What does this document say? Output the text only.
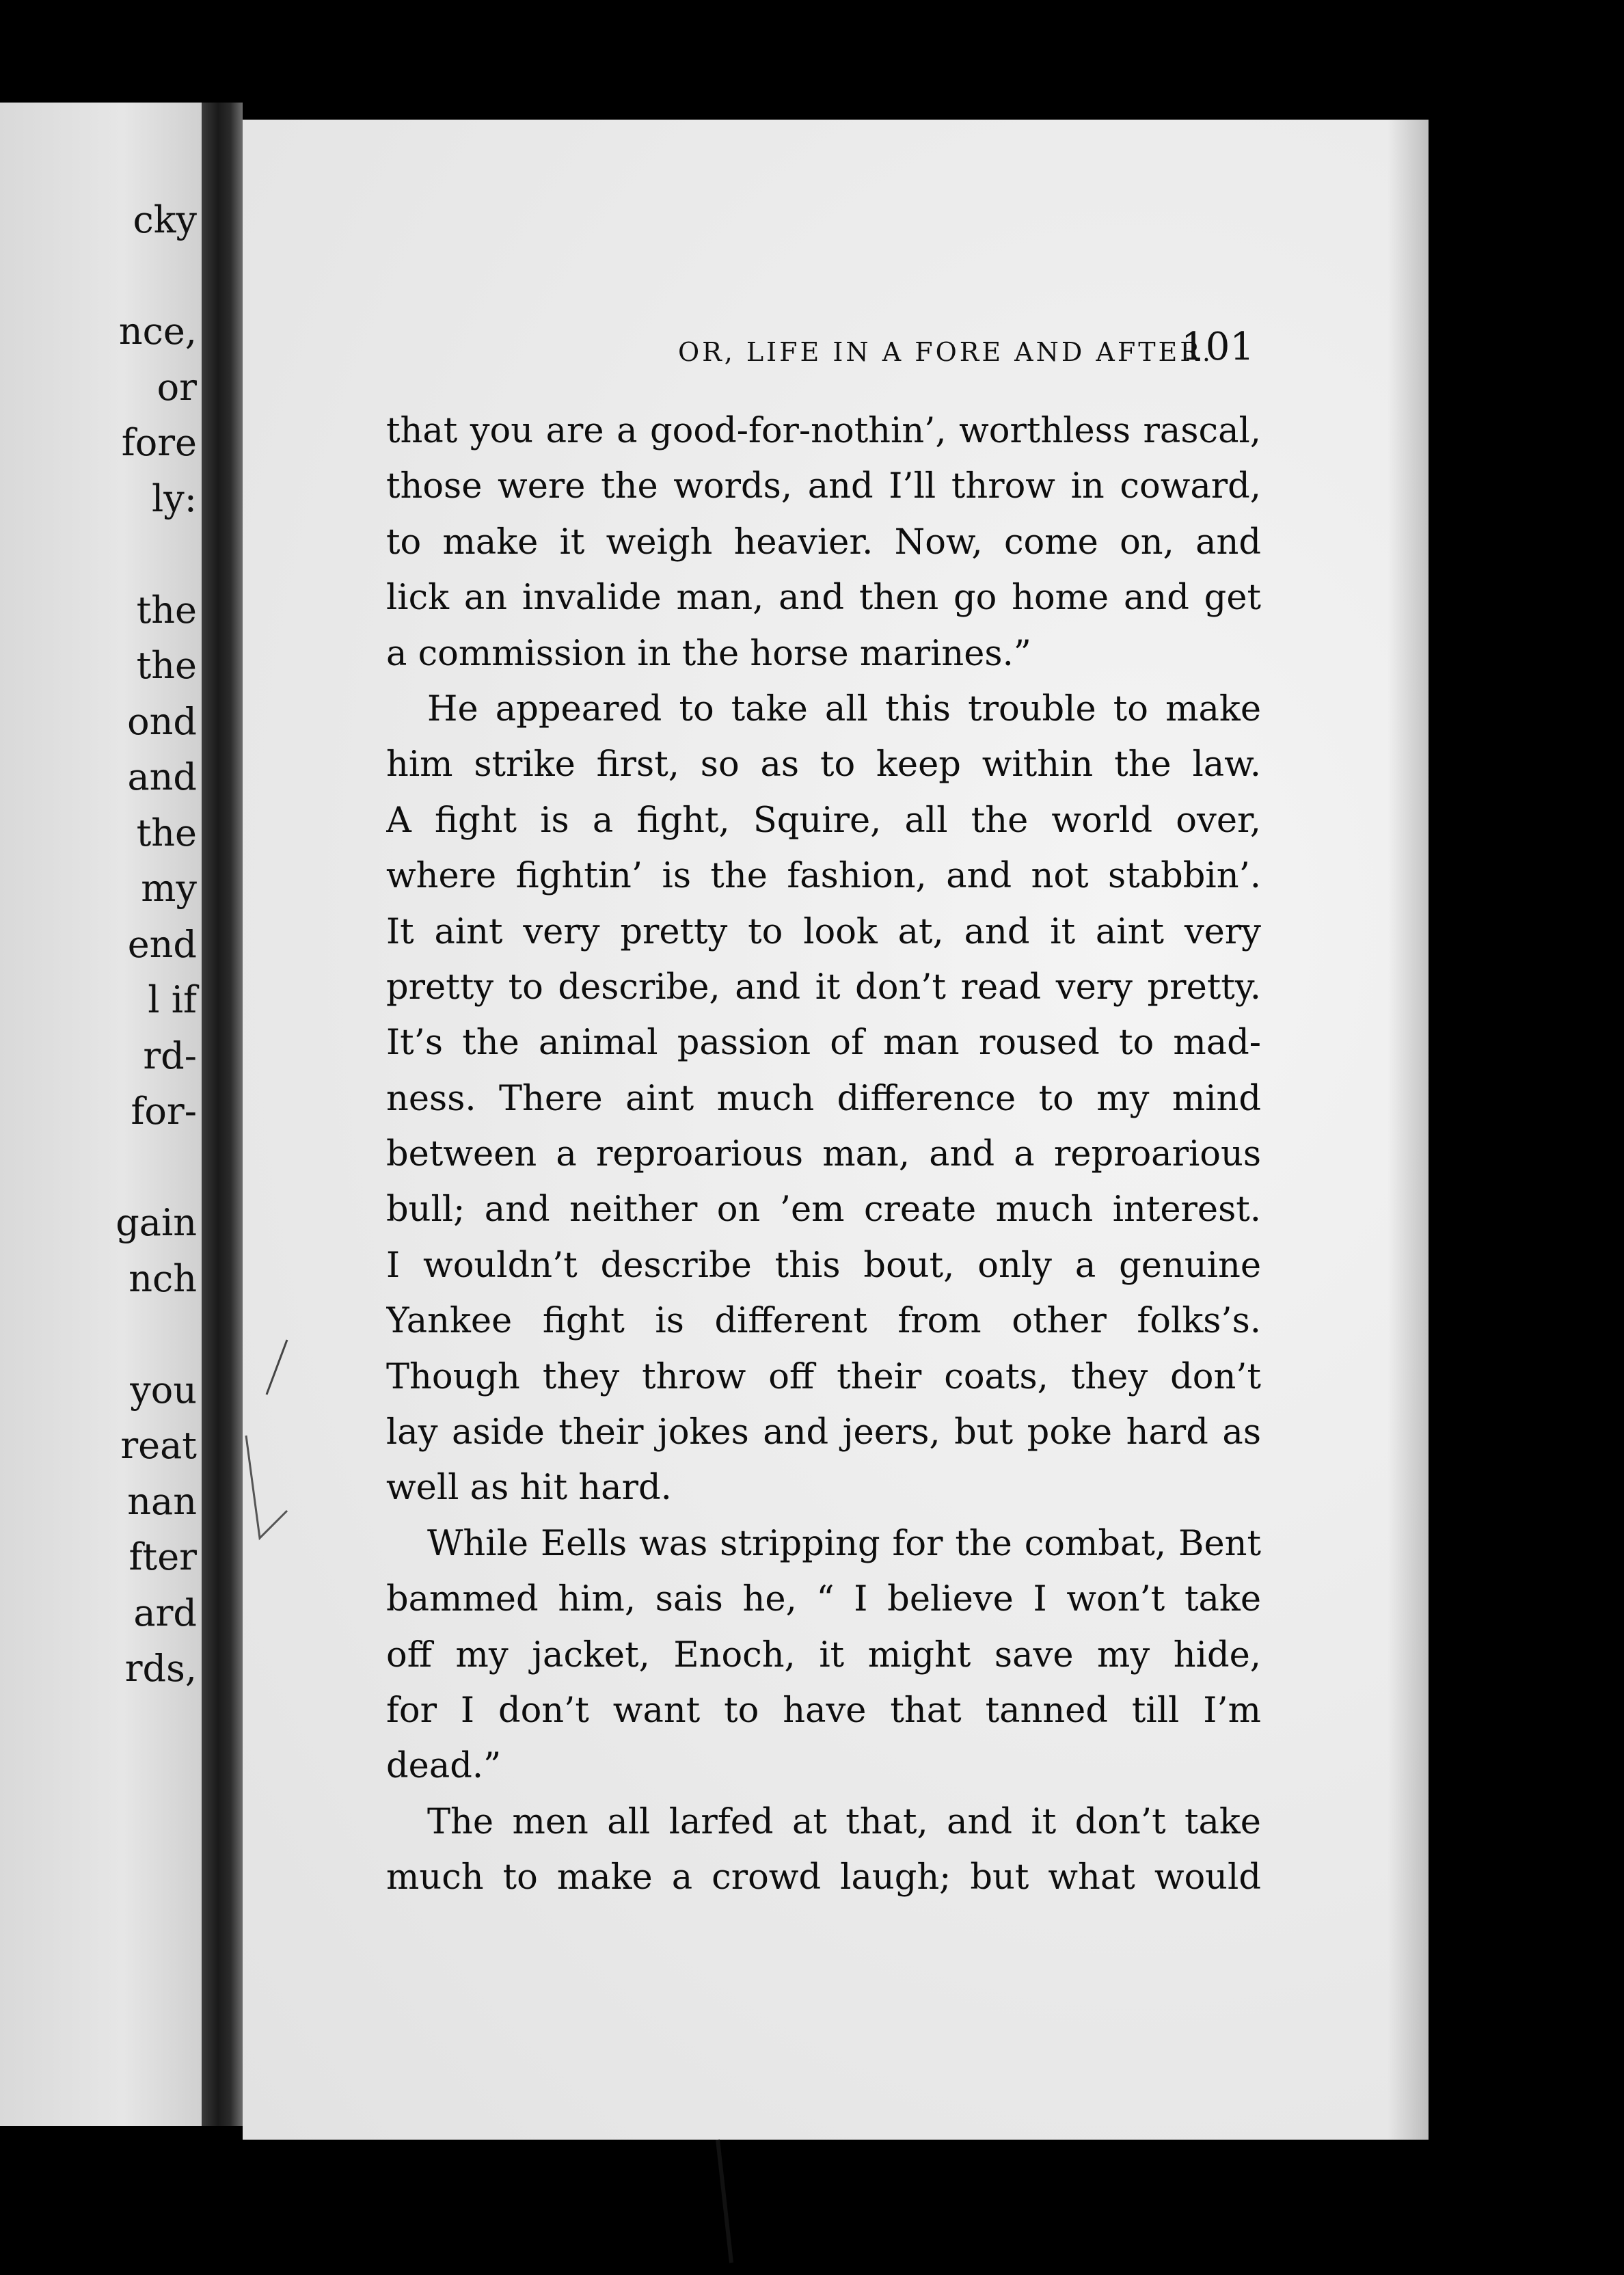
cky
nce,
or
fore
ly:
the
the
ond
and
the
my
end
l if
rd-
for-
gain
nch
you
reat
nan
fter
ard
rds,
OR, LIFE IN A FORE AND AFTER.
101
that you are a good-for-nothin’, worthless rascal,
those were the words, and I’ll throw in coward,
to make it weigh heavier. Now, come on, and
lick an invalide man, and then go home and get
a commission in the horse marines.”
He appeared to take all this trouble to make
him strike first, so as to keep within the law.
A fight is a fight, Squire, all the world over,
where fightin’ is the fashion, and not stabbin’.
It aint very pretty to look at, and it aint very
pretty to describe, and it don’t read very pretty.
It’s the animal passion of man roused to mad-
ness. There aint much difference to my mind
between a reproarious man, and a reproarious
bull; and neither on ’em create much interest.
I wouldn’t describe this bout, only a genuine
Yankee fight is different from other folks’s.
Though they throw off their coats, they don’t
lay aside their jokes and jeers, but poke hard as
well as hit hard.
While Eells was stripping for the combat, Bent
bammed him, sais he, “ I believe I won’t take
off my jacket, Enoch, it might save my hide,
for I don’t want to have that tanned till I’m
dead.”
The men all larfed at that, and it don’t take
much to make a crowd laugh; but what would
